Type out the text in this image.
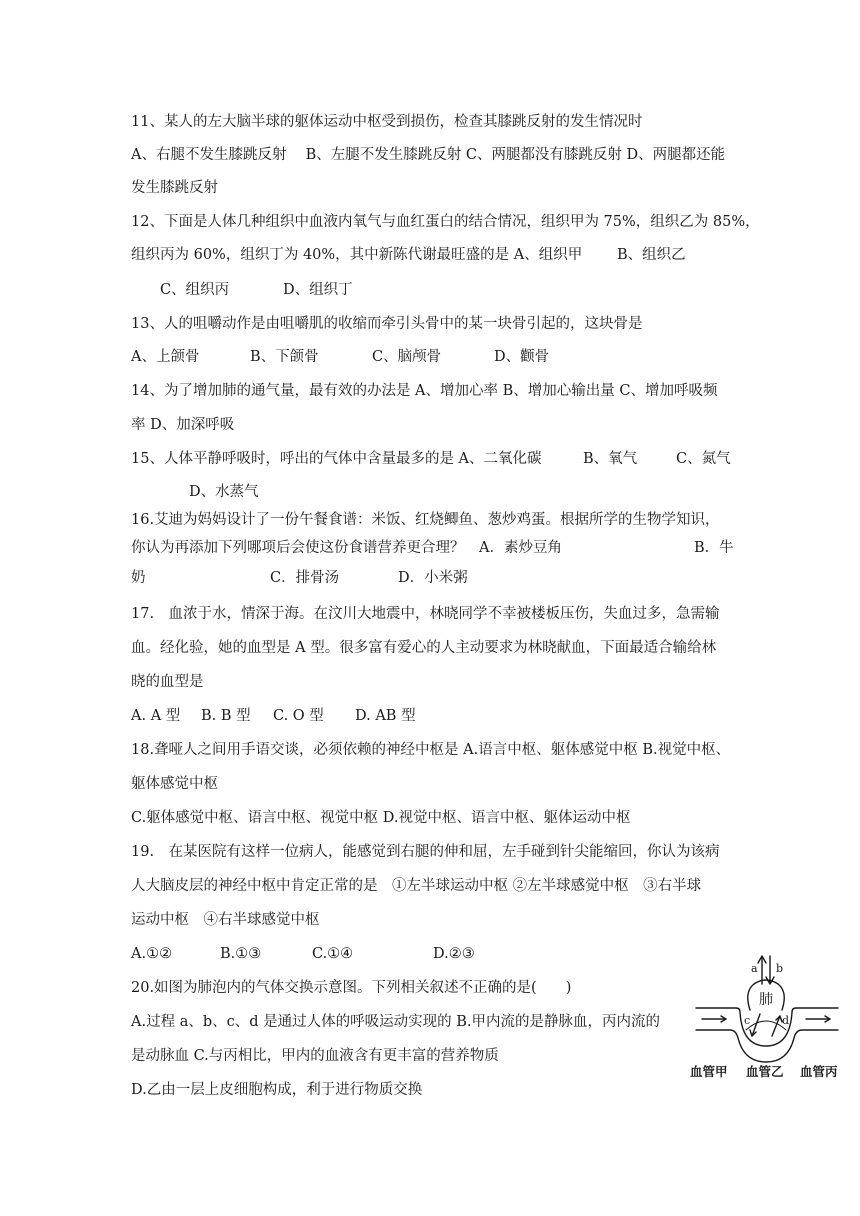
11、某人的左大脑半球的躯体运动中枢受到损伤，检查其膝跳反射的发生情况时

A、右腿不发生膝跳反射　 B、左腿不发生膝跳反射 C、两腿都没有膝跳反射 D、两腿都还能

发生膝跳反射

12、下面是人体几种组织中血液内氧气与血红蛋白的结合情况，组织甲为 75%，组织乙为 85%，

组织丙为 60%，组织丁为 40%，其中新陈代谢最旺盛的是 A、组织甲 B、组织乙
C、组织丙	D、组织丁

13、人的咀嚼动作是由咀嚼肌的收缩而牵引头骨中的某一块骨引起的，这块骨是

A、上颌骨	B、下颌骨	C、脑颅骨	D、颧骨

14、为了增加肺的通气量，最有效的办法是 A、增加心率 B、增加心输出量 C、增加呼吸频

率 D、加深呼吸

15、人体平静呼吸时，呼出的气体中含量最多的是 A、二氧化碳	B、氧气	C、氮气
D、水蒸气

16.艾迪为妈妈设计了一份午餐食谱：米饭、红烧鲫鱼、葱炒鸡蛋。根据所学的生物学知识，

你认为再添加下列哪项后会使这份食谱营养更合理？　A．素炒豆角	B．牛
奶	C．排骨汤	D．小米粥

17.　血浓于水，情深于海。在汶川大地震中，林晓同学不幸被楼板压伤，失血过多，急需输

血。经化验，她的血型是 A 型。很多富有爱心的人主动要求为林晓献血，下面最适合输给林

晓的血型是

A. A 型 B. B 型 C. O 型 D. AB 型

18.聋哑人之间用手语交谈，必须依赖的神经中枢是 A.语言中枢、躯体感觉中枢 B.视觉中枢、

躯体感觉中枢

C.躯体感觉中枢、语言中枢、视觉中枢 D.视觉中枢、语言中枢、躯体运动中枢

19.　在某医院有这样一位病人，能感觉到右腿的伸和屈，左手碰到针尖能缩回，你认为该病

人大脑皮层的神经中枢中肯定正常的是　①左半球运动中枢 ②左半球感觉中枢　③右半球

运动中枢　④右半球感觉中枢

A.①②	B.①③	C.①④	D.②③

20.如图为肺泡内的气体交换示意图。下列相关叙述不正确的是(　　)

A.过程 a、b、c、d 是通过人体的呼吸运动实现的 B.甲内流的是静脉血，丙内流的

是动脉血 C.与丙相比，甲内的血液含有更丰富的营养物质

D.乙由一层上皮细胞构成，利于进行物质交换

肺
a b
c	d
血管甲 血管乙 血管丙
